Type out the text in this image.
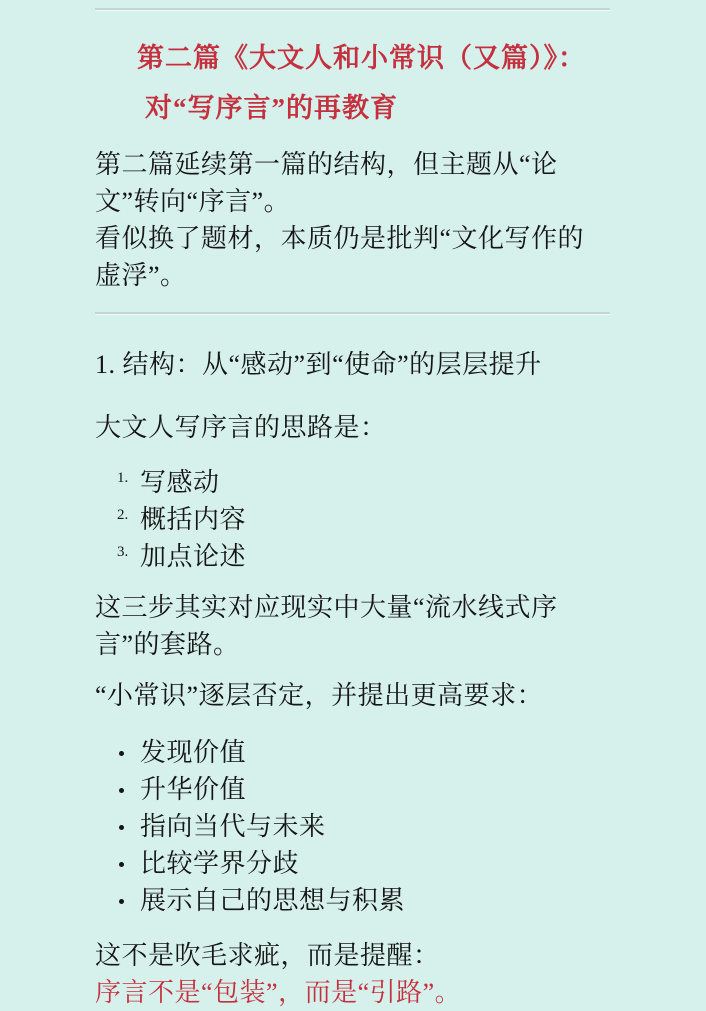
第二篇《大文人和小常识（又篇）》：
对“写序言”的再教育
第二篇延续第一篇的结构，但主题从“论文”转向“序言”。
看似换了题材，本质仍是批判“文化写作的虚浮”。
1. 结构：从“感动”到“使命”的层层提升
大文人写序言的思路是：
1. 写感动
2. 概括内容
3. 加点论述
这三步其实对应现实中大量“流水线式序言”的套路。
“小常识”逐层否定，并提出更高要求：
发现价值
升华价值
指向当代与未来
比较学界分歧
展示自己的思想与积累
这不是吹毛求疵，而是提醒：
序言不是“包装”，而是“引路”。
